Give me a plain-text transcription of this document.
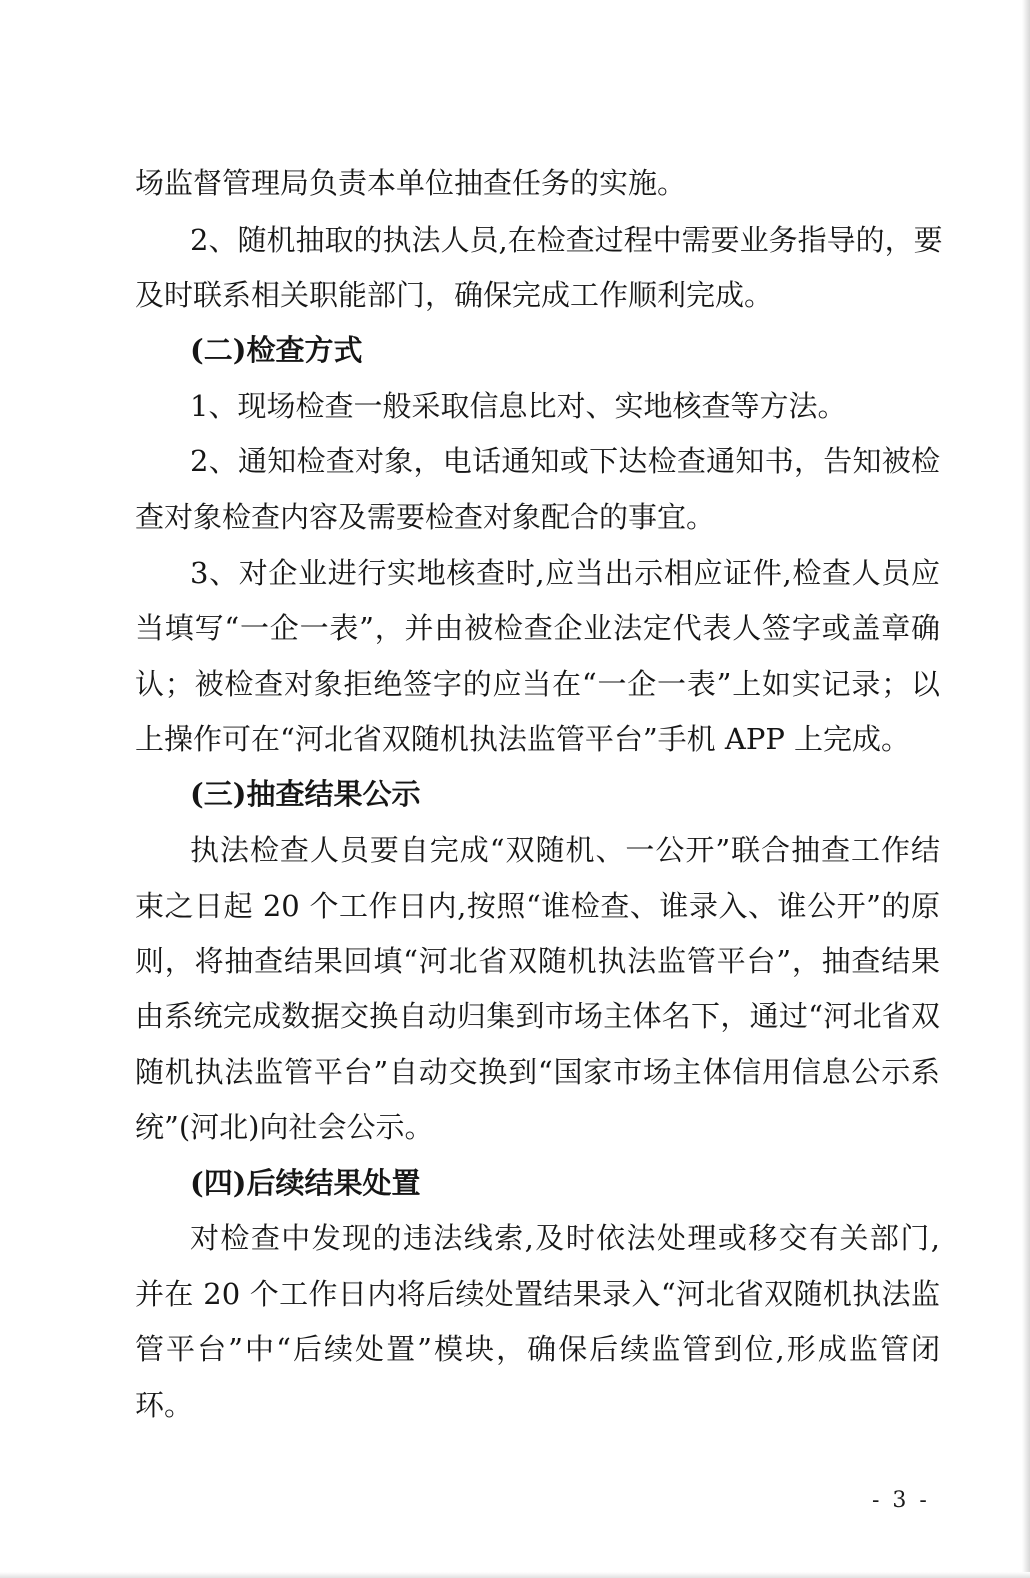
场监督管理局负责本单位抽查任务的实施。
2、随机抽取的执法人员,在检查过程中需要业务指导的，要
及时联系相关职能部门，确保完成工作顺利完成。
(二)检查方式
1、现场检查一般采取信息比对、实地核查等方法。
2、通知检查对象，电话通知或下达检查通知书，告知被检
查对象检查内容及需要检查对象配合的事宜。
3、对企业进行实地核查时,应当出示相应证件,检查人员应
当填写“一企一表”，并由被检查企业法定代表人签字或盖章确
认；被检查对象拒绝签字的应当在“一企一表”上如实记录；以
上操作可在“河北省双随机执法监管平台”手机 APP 上完成。
(三)抽查结果公示
执法检查人员要自完成“双随机、一公开”联合抽查工作结
束之日起 20 个工作日内,按照“谁检查、谁录入、谁公开”的原
则，将抽查结果回填“河北省双随机执法监管平台”，抽查结果
由系统完成数据交换自动归集到市场主体名下，通过“河北省双
随机执法监管平台”自动交换到“国家市场主体信用信息公示系
统”(河北)向社会公示。
(四)后续结果处置
对检查中发现的违法线索,及时依法处理或移交有关部门,
并在 20 个工作日内将后续处置结果录入“河北省双随机执法监
管平台”中“后续处置”模块，确保后续监管到位,形成监管闭
环。
- 3 -
